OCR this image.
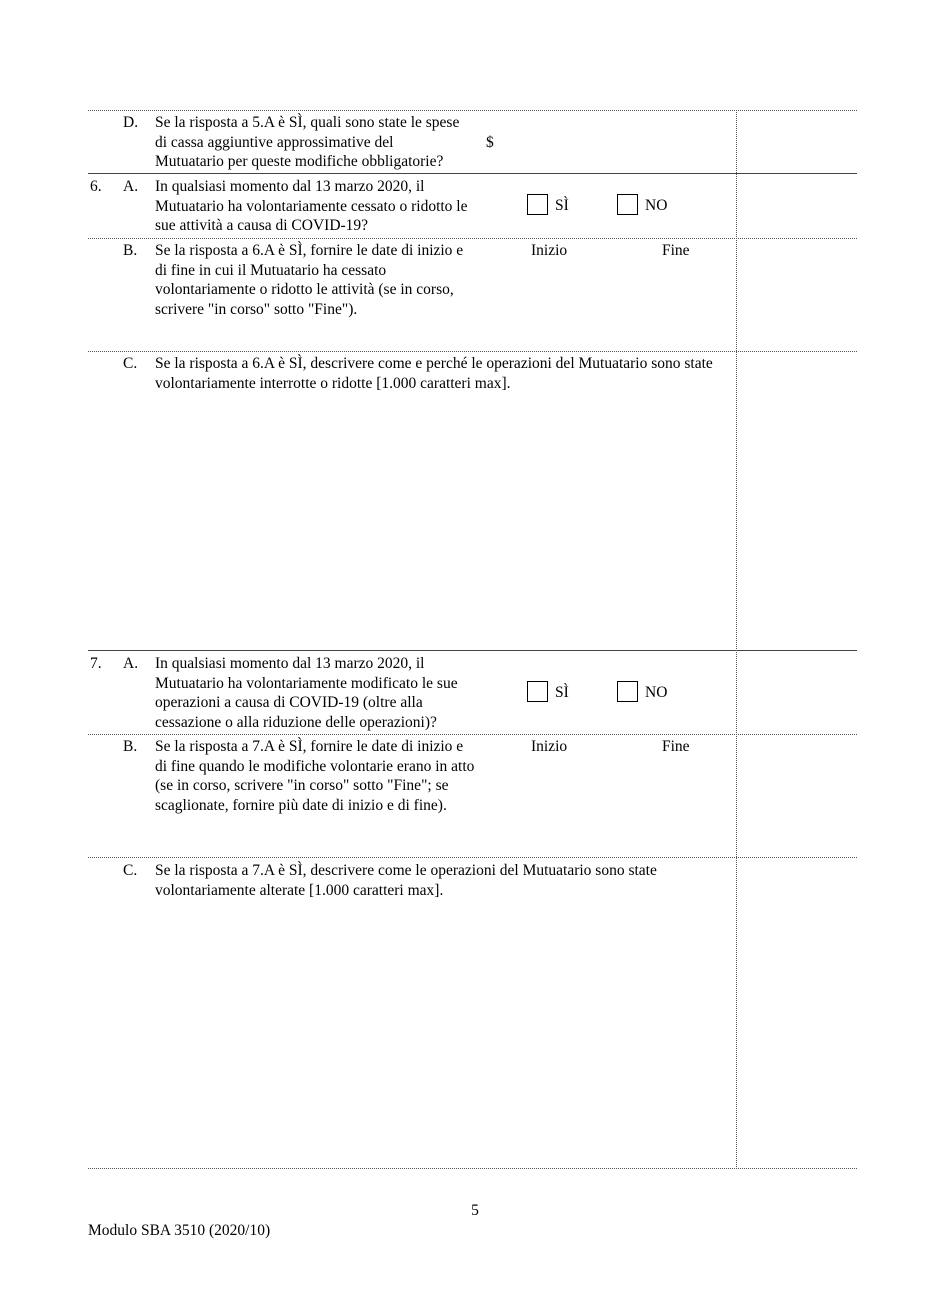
D. Se la risposta a 5.A è SÌ, quali sono state le spese di cassa aggiuntive approssimative del Mutuatario per queste modifiche obbligatorie?
$
6. A. In qualsiasi momento dal 13 marzo 2020, il Mutuatario ha volontariamente cessato o ridotto le sue attività a causa di COVID-19?
SÌ	NO
B. Se la risposta a 6.A è SÌ, fornire le date di inizio e di fine in cui il Mutuatario ha cessato volontariamente o ridotto le attività (se in corso, scrivere "in corso" sotto "Fine").
Inizio	Fine
C. Se la risposta a 6.A è SÌ, descrivere come e perché le operazioni del Mutuatario sono state volontariamente interrotte o ridotte [1.000 caratteri max].
7. A. In qualsiasi momento dal 13 marzo 2020, il Mutuatario ha volontariamente modificato le sue operazioni a causa di COVID-19 (oltre alla cessazione o alla riduzione delle operazioni)?
SÌ	NO
B. Se la risposta a 7.A è SÌ, fornire le date di inizio e di fine quando le modifiche volontarie erano in atto (se in corso, scrivere "in corso" sotto "Fine"; se scaglionate, fornire più date di inizio e di fine).
Inizio	Fine
C. Se la risposta a 7.A è SÌ, descrivere come le operazioni del Mutuatario sono state volontariamente alterate [1.000 caratteri max].
5
Modulo SBA 3510 (2020/10)
